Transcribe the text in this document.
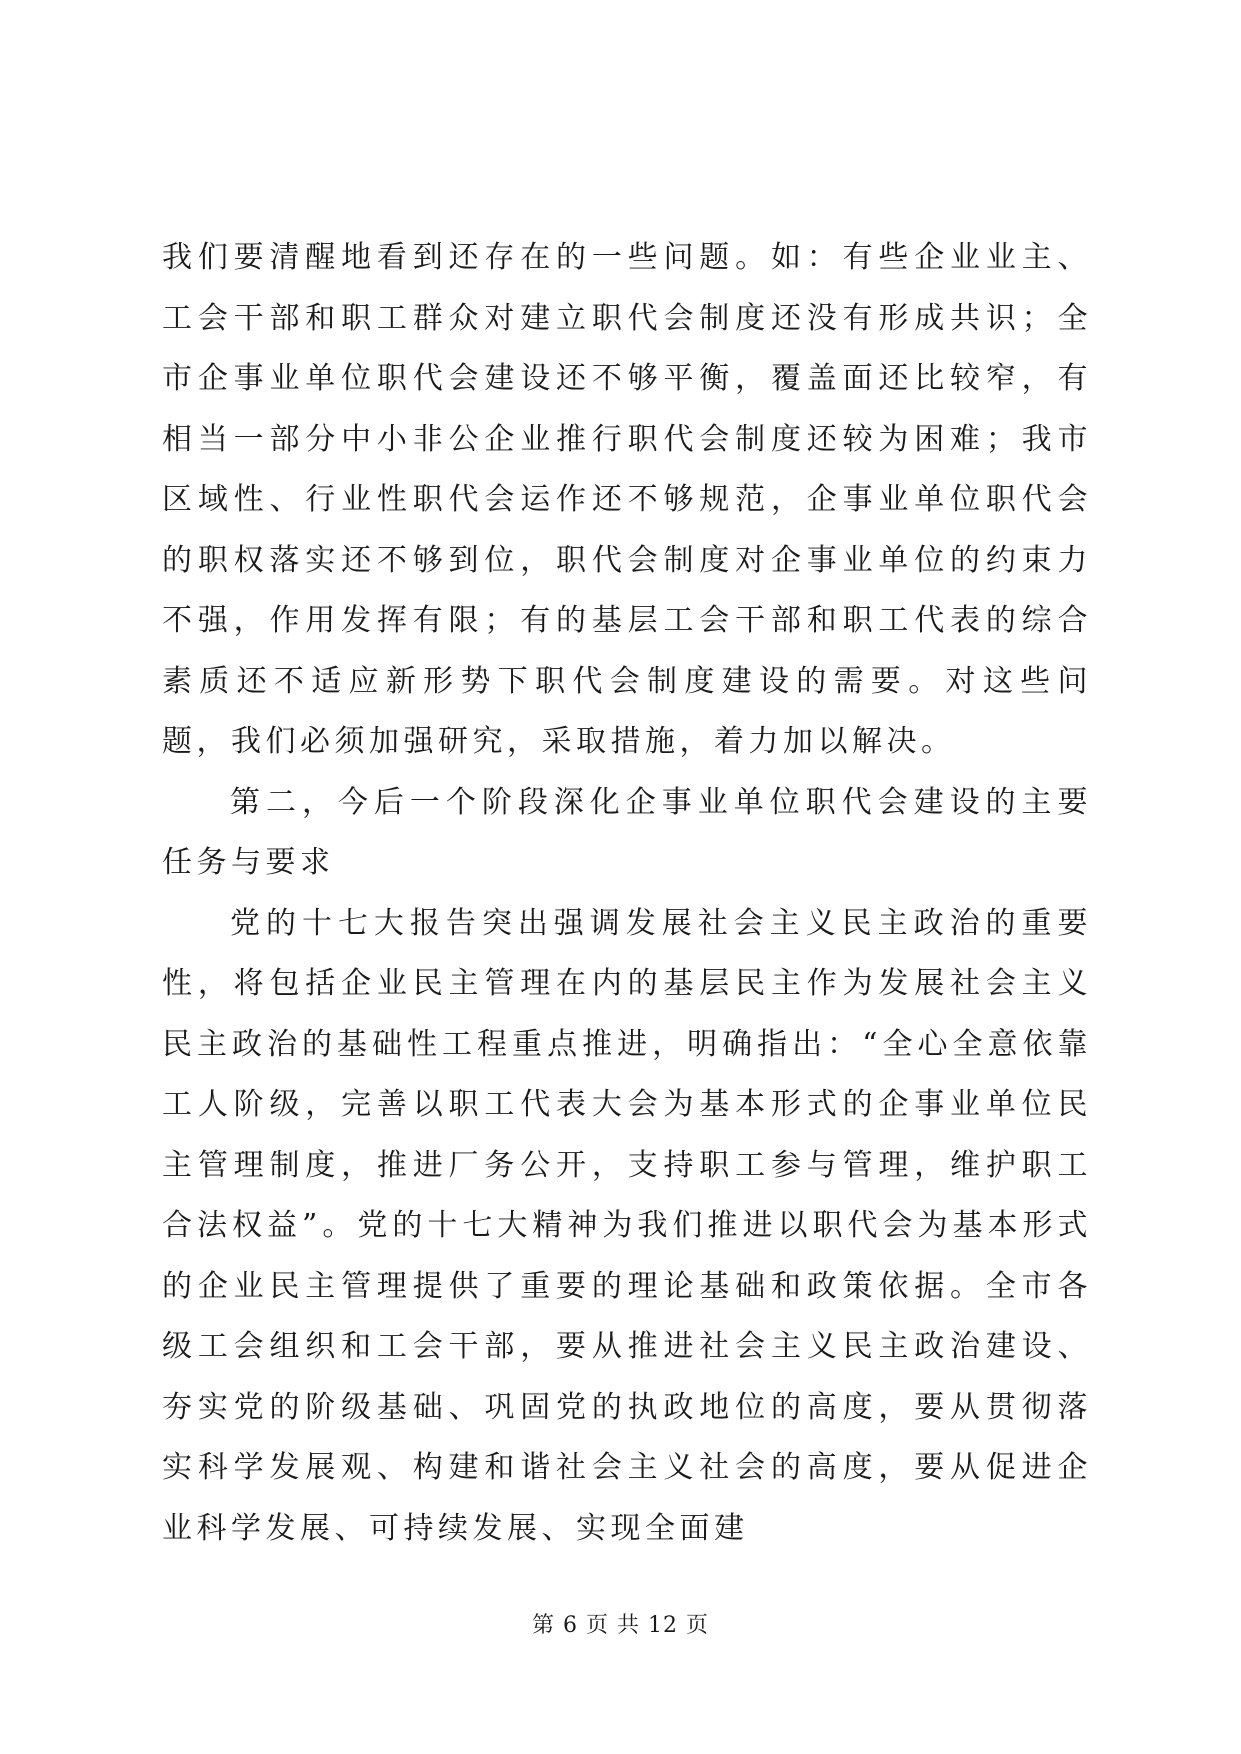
我们要清醒地看到还存在的一些问题。如：有些企业业主、工会干部和职工群众对建立职代会制度还没有形成共识；全市企事业单位职代会建设还不够平衡，覆盖面还比较窄，有相当一部分中小非公企业推行职代会制度还较为困难；我市区域性、行业性职代会运作还不够规范，企事业单位职代会的职权落实还不够到位，职代会制度对企事业单位的约束力不强，作用发挥有限；有的基层工会干部和职工代表的综合素质还不适应新形势下职代会制度建设的需要。对这些问题，我们必须加强研究，采取措施，着力加以解决。

第二，今后一个阶段深化企事业单位职代会建设的主要任务与要求

党的十七大报告突出强调发展社会主义民主政治的重要性，将包括企业民主管理在内的基层民主作为发展社会主义民主政治的基础性工程重点推进，明确指出：“全心全意依靠工人阶级，完善以职工代表大会为基本形式的企事业单位民主管理制度，推进厂务公开，支持职工参与管理，维护职工合法权益”。党的十七大精神为我们推进以职代会为基本形式的企业民主管理提供了重要的理论基础和政策依据。全市各级工会组织和工会干部，要从推进社会主义民主政治建设、夯实党的阶级基础、巩固党的执政地位的高度，要从贯彻落实科学发展观、构建和谐社会主义社会的高度，要从促进企业科学发展、可持续发展、实现全面建

第 6 页 共 12 页
